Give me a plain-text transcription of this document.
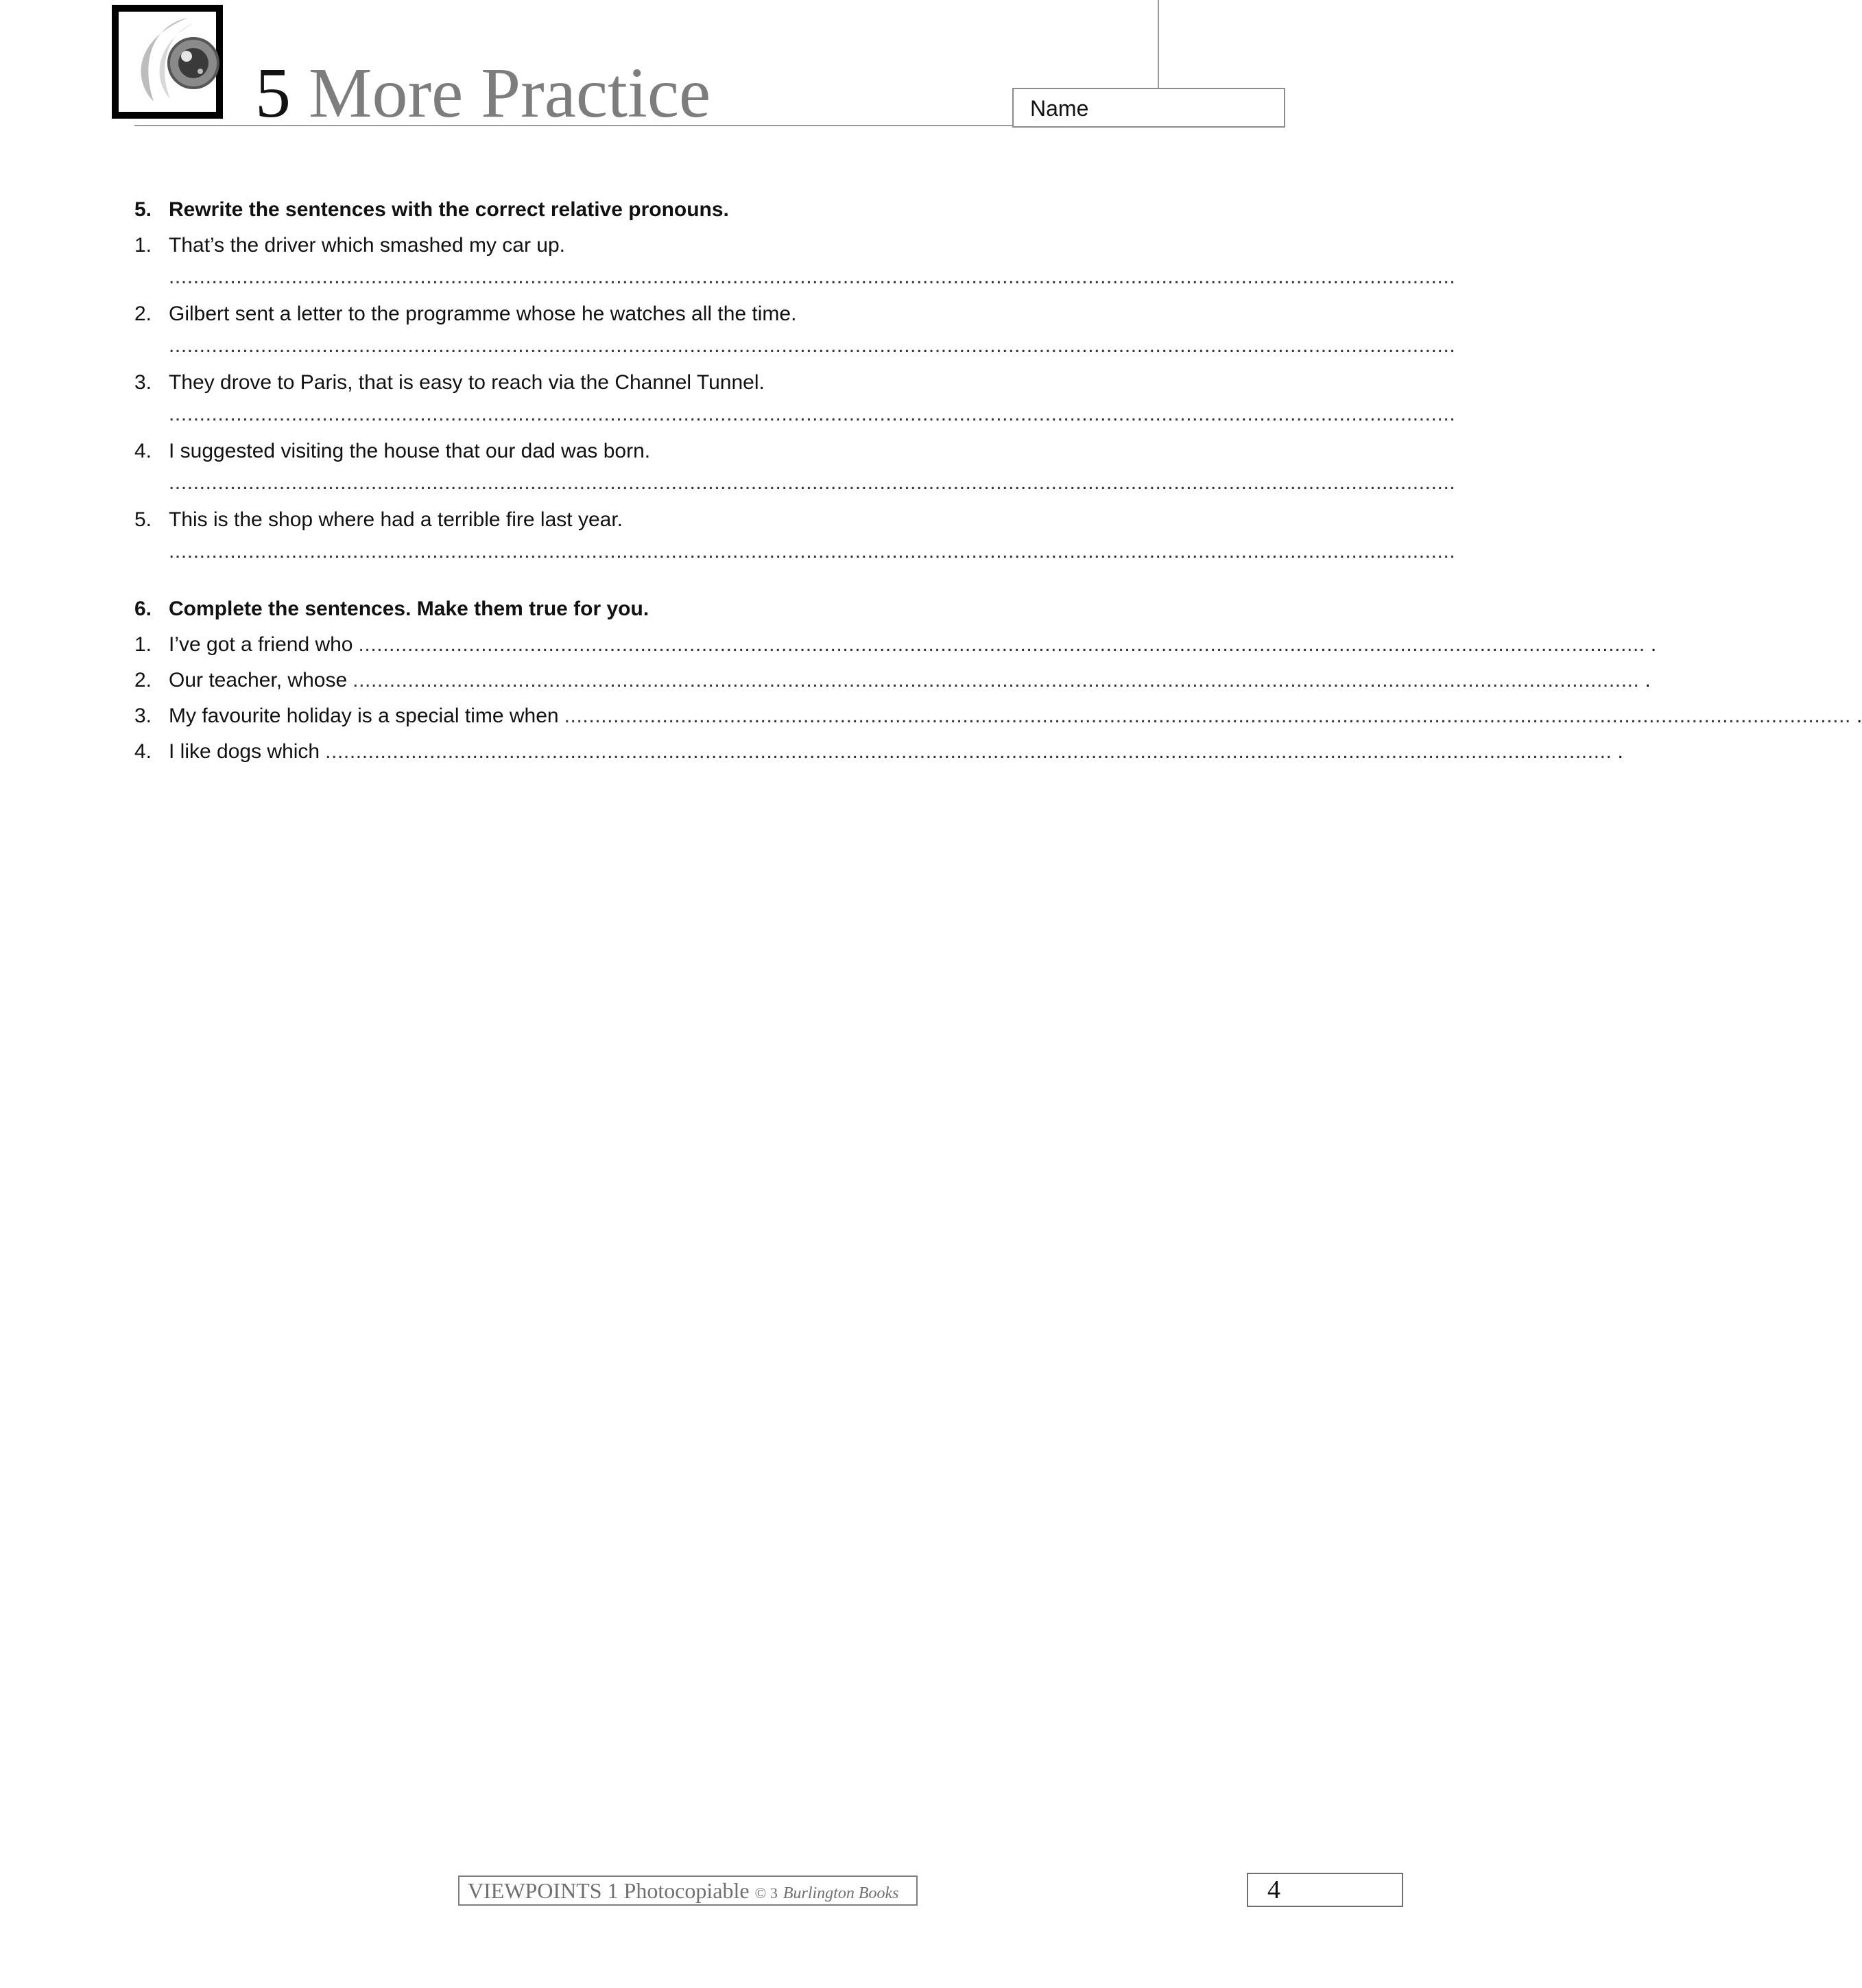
5 More Practice	Name
5. Rewrite the sentences with the correct relative pronouns.
1. That’s the driver which smashed my car up.
..................................................................................................................................................................................................................
2. Gilbert sent a letter to the programme whose he watches all the time.
..................................................................................................................................................................................................................
3. They drove to Paris, that is easy to reach via the Channel Tunnel.
..................................................................................................................................................................................................................
4. I suggested visiting the house that our dad was born.
..................................................................................................................................................................................................................
5. This is the shop where had a terrible fire last year.
..................................................................................................................................................................................................................
6. Complete the sentences. Make them true for you.
1. I’ve got a friend who .................................................................................................................................................................................................................. .
2. Our teacher, whose .................................................................................................................................................................................................................. .
3. My favourite holiday is a special time when .................................................................................................................................................................................................................. .
4. I like dogs which .................................................................................................................................................................................................................. .
VIEWPOINTS 1 Photocopiable © 3 Burlington Books	4
